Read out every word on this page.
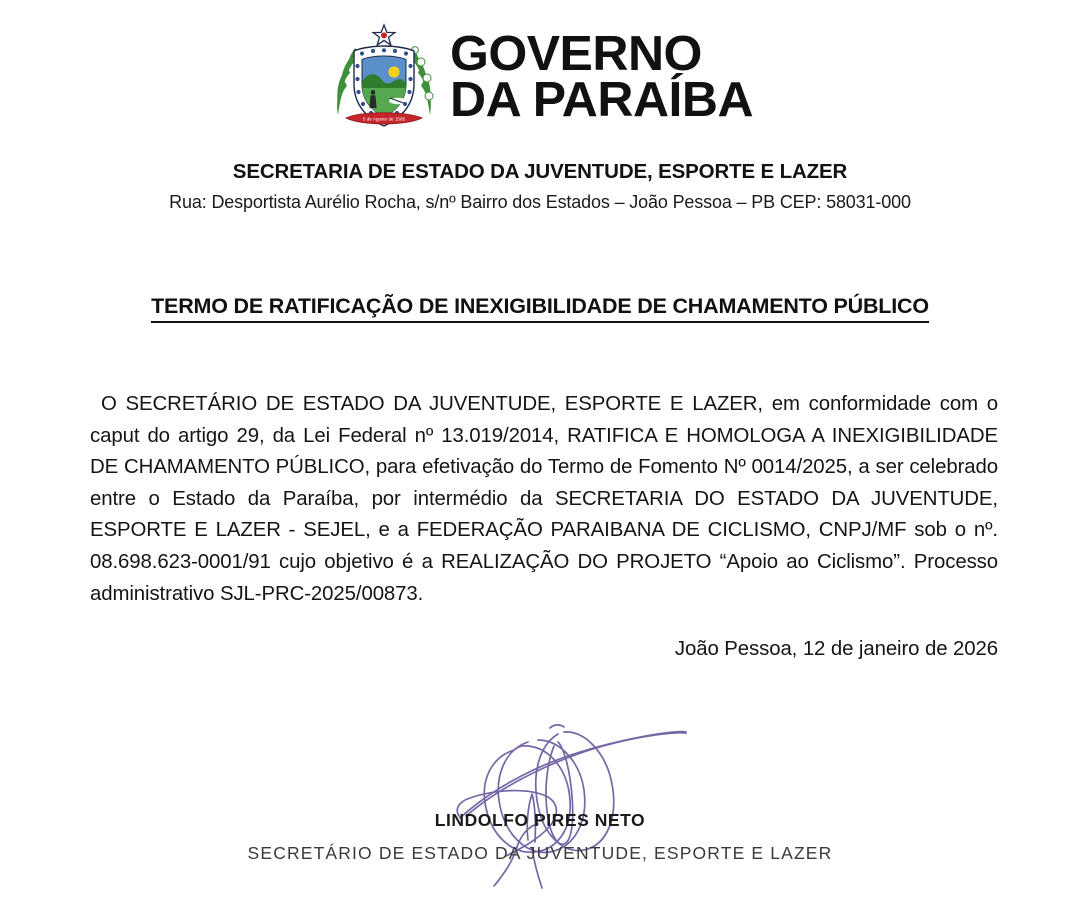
5 de Agosto de 1585
GOVERNO
DA PARAÍBA
SECRETARIA DE ESTADO DA JUVENTUDE, ESPORTE E LAZER
Rua: Desportista Aurélio Rocha, s/nº Bairro dos Estados – João Pessoa – PB CEP: 58031-000
TERMO DE RATIFICAÇÃO DE INEXIGIBILIDADE DE CHAMAMENTO PÚBLICO
O SECRETÁRIO DE ESTADO DA JUVENTUDE, ESPORTE E LAZER, em conformidade com o caput do artigo 29, da Lei Federal nº 13.019/2014, RATIFICA E HOMOLOGA A INEXIGIBILIDADE DE CHAMAMENTO PÚBLICO, para efetivação do Termo de Fomento Nº 0014/2025, a ser celebrado entre o Estado da Paraíba, por intermédio da SECRETARIA DO ESTADO DA JUVENTUDE, ESPORTE E LAZER - SEJEL, e a FEDERAÇÃO PARAIBANA DE CICLISMO, CNPJ/MF sob o nº. 08.698.623-0001/91 cujo objetivo é a REALIZAÇÃO DO PROJETO “Apoio ao Ciclismo”. Processo administrativo SJL-PRC-2025/00873.
João Pessoa, 12 de janeiro de 2026
LINDOLFO PIRES NETO
SECRETÁRIO DE ESTADO DA JUVENTUDE, ESPORTE E LAZER
